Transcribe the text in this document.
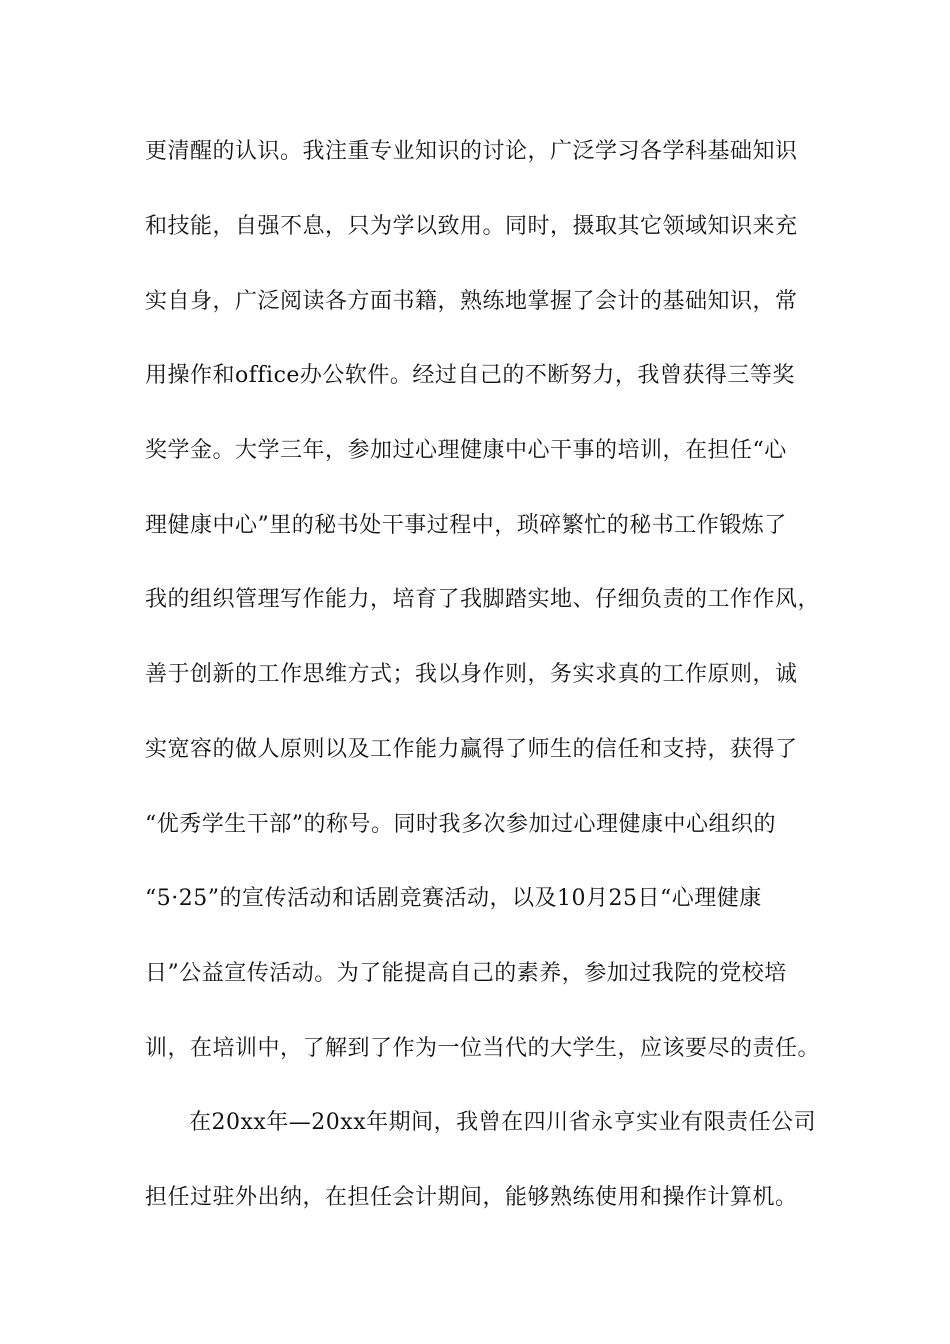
更清醒的认识。我注重专业知识的讨论，广泛学习各学科基础知识
和技能，自强不息，只为学以致用。同时，摄取其它领域知识来充
实自身，广泛阅读各方面书籍，熟练地掌握了会计的基础知识，常
用操作和office办公软件。经过自己的不断努力，我曾获得三等奖
奖学金。大学三年，参加过心理健康中心干事的培训，在担任“心
理健康中心”里的秘书处干事过程中，琐碎繁忙的秘书工作锻炼了
我的组织管理写作能力，培育了我脚踏实地、仔细负责的工作作风，
善于创新的工作思维方式；我以身作则，务实求真的工作原则，诚
实宽容的做人原则以及工作能力赢得了师生的信任和支持，获得了
“优秀学生干部”的称号。同时我多次参加过心理健康中心组织的
“5·25”的宣传活动和话剧竞赛活动，以及10月25日“心理健康
日”公益宣传活动。为了能提高自己的素养，参加过我院的党校培
训，在培训中，了解到了作为一位当代的大学生，应该要尽的责任。
在20xx年—20xx年期间，我曾在四川省永亨实业有限责任公司
担任过驻外出纳，在担任会计期间，能够熟练使用和操作计算机。
